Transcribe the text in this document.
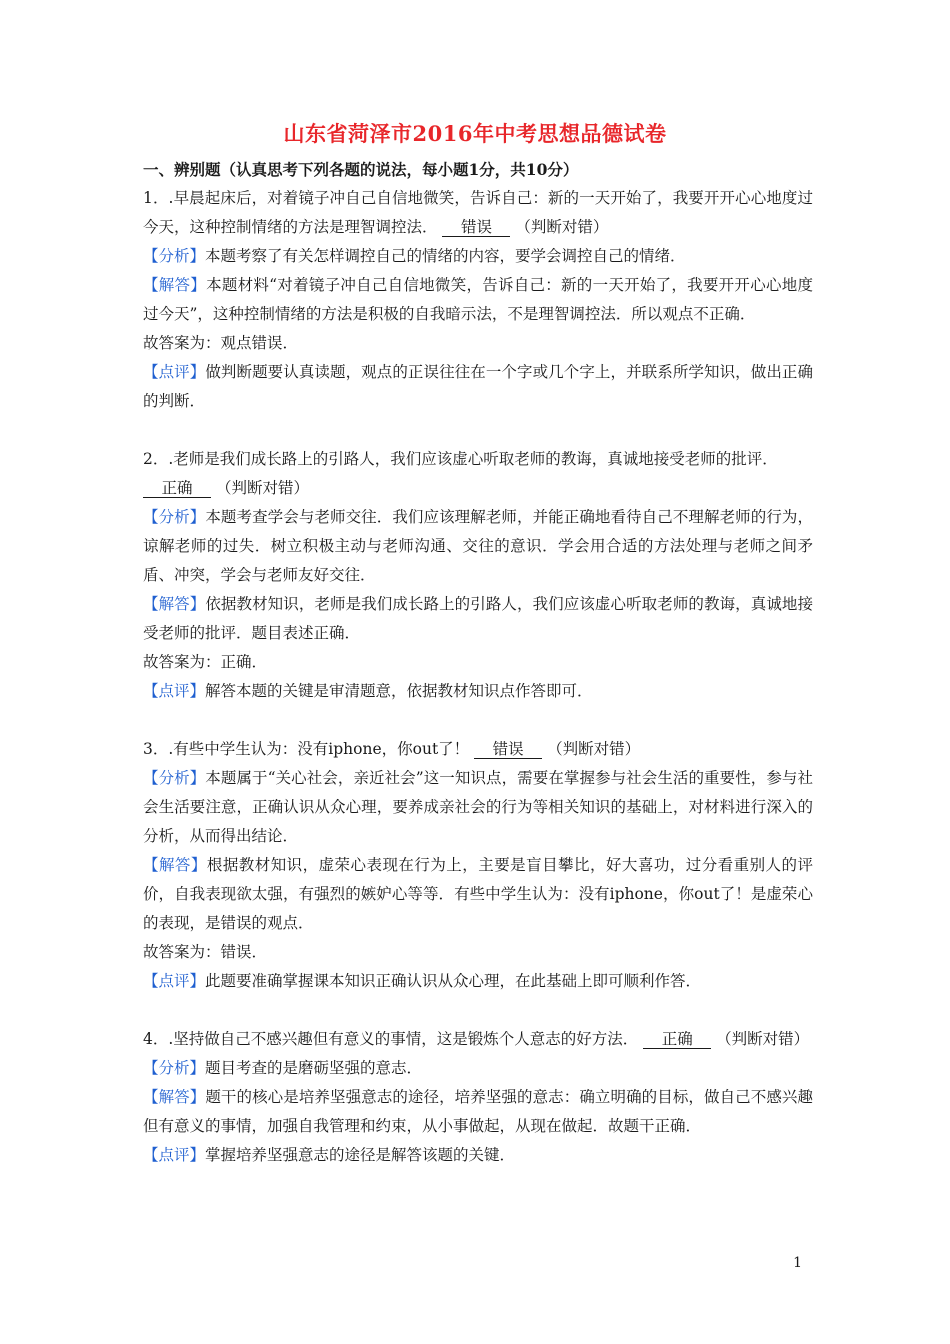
山东省菏泽市2016年中考思想品德试卷

一、辨别题（认真思考下列各题的说法，每小题1分，共10分）

1．.早晨起床后，对着镜子冲自己自信地微笑，告诉自己：新的一天开始了，我要开开心心地度过今天，这种控制情绪的方法是理智调控法． 错误 （判断对错）

【分析】本题考察了有关怎样调控自己的情绪的内容，要学会调控自己的情绪．

【解答】本题材料“对着镜子冲自己自信地微笑，告诉自己：新的一天开始了，我要开开心心地度过今天”，这种控制情绪的方法是积极的自我暗示法，不是理智调控法．所以观点不正确．

故答案为：观点错误．

【点评】做判断题要认真读题，观点的正误往往在一个字或几个字上，并联系所学知识，做出正确的判断．

2．.老师是我们成长路上的引路人，我们应该虚心听取老师的教诲，真诚地接受老师的批评．
正确 （判断对错）

【分析】本题考查学会与老师交往．我们应该理解老师，并能正确地看待自己不理解老师的行为，谅解老师的过失．树立积极主动与老师沟通、交往的意识．学会用合适的方法处理与老师之间矛盾、冲突，学会与老师友好交往．

【解答】依据教材知识，老师是我们成长路上的引路人，我们应该虚心听取老师的教诲，真诚地接受老师的批评．题目表述正确．

故答案为：正确．

【点评】解答本题的关键是审清题意，依据教材知识点作答即可．

3．.有些中学生认为：没有iphone，你out了！ 错误 （判断对错）

【分析】本题属于“关心社会，亲近社会”这一知识点，需要在掌握参与社会生活的重要性，参与社会生活要注意，正确认识从众心理，要养成亲社会的行为等相关知识的基础上，对材料进行深入的分析，从而得出结论．

【解答】根据教材知识，虚荣心表现在行为上，主要是盲目攀比，好大喜功，过分看重别人的评价，自我表现欲太强，有强烈的嫉妒心等等．有些中学生认为：没有iphone，你out了！是虚荣心的表现，是错误的观点．

故答案为：错误．

【点评】此题要准确掌握课本知识正确认识从众心理，在此基础上即可顺利作答．

4．.坚持做自己不感兴趣但有意义的事情，这是锻炼个人意志的好方法． 正确 （判断对错）

【分析】题目考查的是磨砺坚强的意志．

【解答】题干的核心是培养坚强意志的途径，培养坚强的意志：确立明确的目标，做自己不感兴趣但有意义的事情，加强自我管理和约束，从小事做起，从现在做起．故题干正确．

【点评】掌握培养坚强意志的途径是解答该题的关键．

1
